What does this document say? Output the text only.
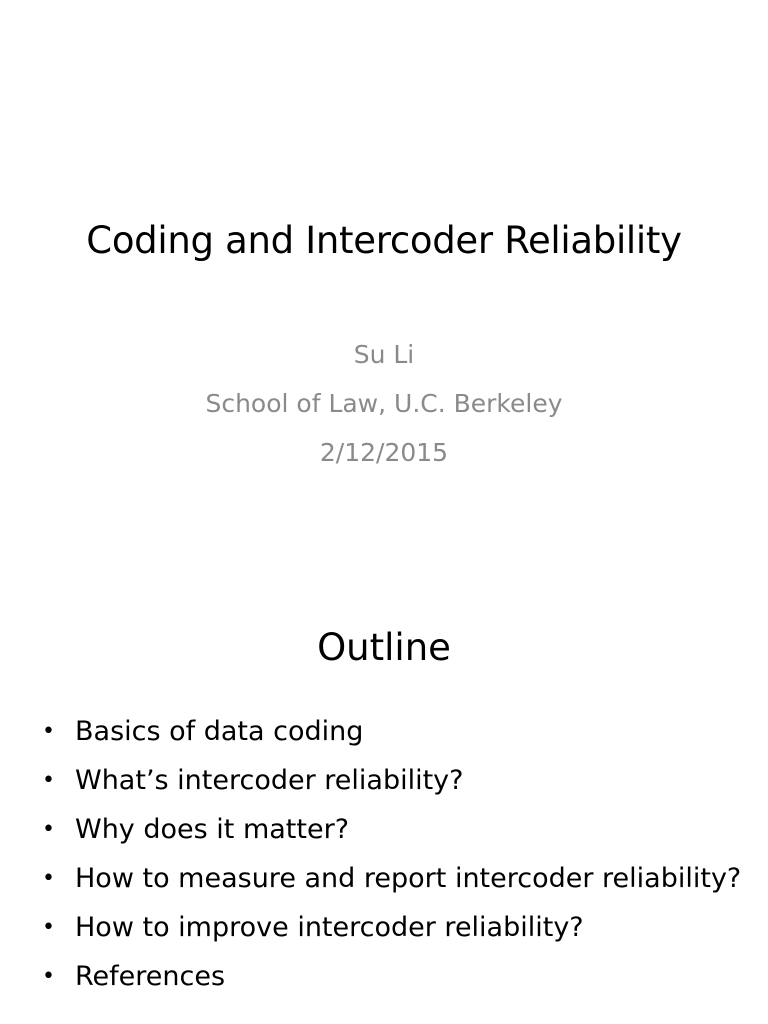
Coding and Intercoder Reliability
Su Li
School of Law, U.C. Berkeley
2/12/2015
Outline
• Basics of data coding
• What’s intercoder reliability?
• Why does it matter?
• How to measure and report intercoder reliability?
• How to improve intercoder reliability?
• References
